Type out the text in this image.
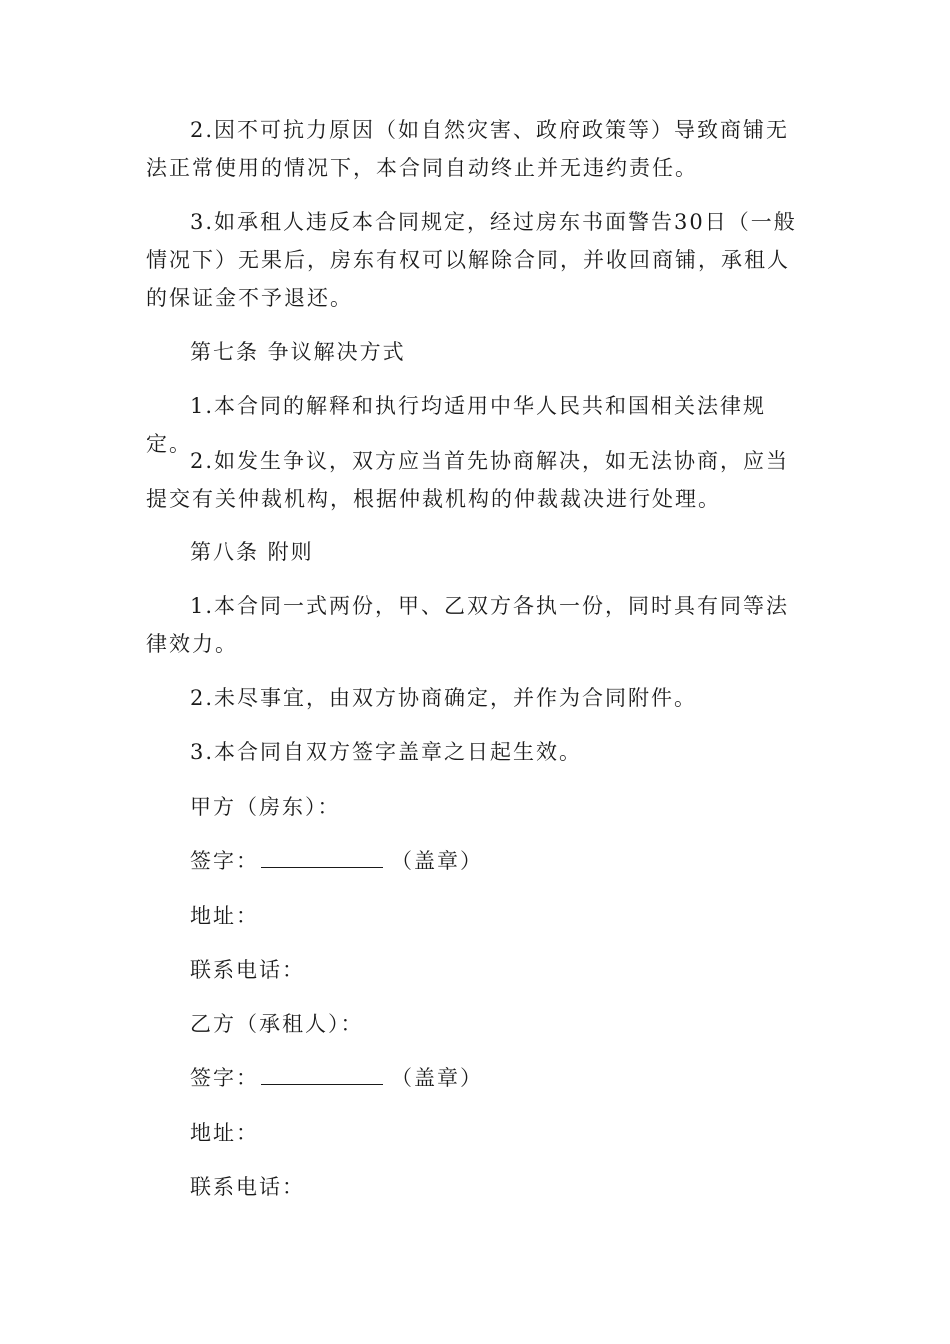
2.因不可抗力原因（如自然灾害、政府政策等）导致商铺无法正常使用的情况下，本合同自动终止并无违约责任。

3.如承租人违反本合同规定，经过房东书面警告30日（一般情况下）无果后，房东有权可以解除合同，并收回商铺，承租人的保证金不予退还。

第七条 争议解决方式

1.本合同的解释和执行均适用中华人民共和国相关法律规定。

2.如发生争议，双方应当首先协商解决，如无法协商，应当提交有关仲裁机构，根据仲裁机构的仲裁裁决进行处理。

第八条 附则

1.本合同一式两份，甲、乙双方各执一份，同时具有同等法律效力。

2.未尽事宜，由双方协商确定，并作为合同附件。

3.本合同自双方签字盖章之日起生效。

甲方（房东）：

签字：	（盖章）

地址：

联系电话：

乙方（承租人）：

签字：	（盖章）

地址：

联系电话：
